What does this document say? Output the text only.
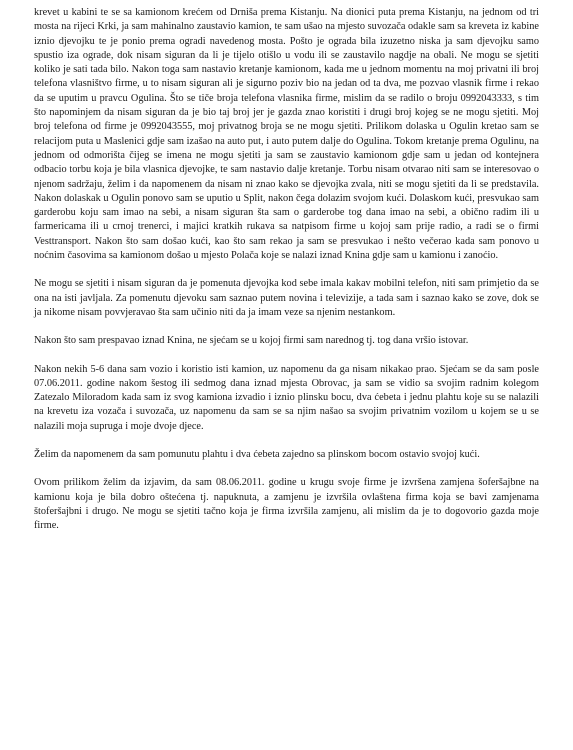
krevet u kabini te se sa kamionom krećem od Drniša prema Kistanju. Na dionici puta prema Kistanju, na jednom od tri mosta na rijeci Krki, ja sam mahinalno zaustavio kamion, te sam ušao na mjesto suvozača odakle sam sa kreveta iz kabine iznio djevojku te je ponio prema ogradi navedenog mosta. Pošto je ograda bila izuzetno niska ja sam djevojku samo spustio iza ograde, dok nisam siguran da li je tijelo otišlo u vodu ili se zaustavilo nagdje na obali. Ne mogu se sjetiti koliko je sati tada bilo. Nakon toga sam nastavio kretanje kamionom, kada me u jednom momentu na moj privatni ili broj telefona vlasništvo firme, u to nisam siguran ali je sigurno poziv bio na jedan od ta dva, me pozvao vlasnik firme i rekao da se uputim u pravcu Ogulina. Što se tiče broja telefona vlasnika firme, mislim da se radilo o broju 0992043333, s tim što napominjem da nisam siguran da je bio taj broj jer je gazda znao koristiti i drugi broj kojeg se ne mogu sjetiti. Moj broj telefona od firme je 0992043555, moj privatnog broja se ne mogu sjetiti. Prilikom dolaska u Ogulin kretao sam se relacijom puta u Maslenici gdje sam izašao na auto put, i auto putem dalje do Ogulina. Tokom kretanje prema Ogulinu, na jednom od odmorišta čijeg se imena ne mogu sjetiti ja sam se zaustavio kamionom gdje sam u jedan od kontejnera odbacio torbu koja je bila vlasnica djevojke, te sam nastavio dalje kretanje. Torbu nisam otvarao niti sam se interesovao o njenom sadržaju, želim i da napomenem da nisam ni znao kako se djevojka zvala, niti se mogu sjetiti da li se predstavila. Nakon dolaskak u Ogulin ponovo sam se uputio u Split, nakon čega dolazim svojom kući. Dolaskom kući, presvukao sam garderobu koju sam imao na sebi, a nisam siguran šta sam o garderobe tog dana imao na sebi, a obično radim ili u farmericama ili u crnoj trenerci, i majici kratkih rukava sa natpisom firme u kojoj sam prije radio, a radi se o firmi Vesttransport. Nakon što sam došao kući, kao što sam rekao ja sam se presvukao i nešto večerao kada sam ponovo u noćnim časovima sa kamionom došao u mjesto Polača koje se nalazi iznad Knina gdje sam u kamionu i zanoćio.

Ne mogu se sjetiti i nisam siguran da je pomenuta djevojka kod sebe imala kakav mobilni telefon, niti sam primjetio da se ona na isti javljala. Za pomenutu djevoku sam saznao putem novina i televizije, a tada sam i saznao kako se zove, dok se ja nikome nisam povvjeravao šta sam učinio niti da ja imam veze sa njenim nestankom.

Nakon što sam prespavao iznad Knina, ne sjećam se u kojoj firmi sam narednog tj. tog dana vršio istovar.

Nakon nekih 5-6 dana sam vozio i koristio isti kamion, uz napomenu da ga nisam nikakao prao. Sjećam se da sam posle 07.06.2011. godine nakom šestog ili sedmog dana iznad mjesta Obrovac, ja sam se vidio sa svojim radnim kolegom Zatezalo Miloradom kada sam iz svog kamiona izvadio i iznio plinsku bocu, dva ćebeta i jednu plahtu koje su se nalazili na krevetu iza vozača i suvozača, uz napomenu da sam se sa njim našao sa svojim privatnim vozilom u kojem se u se nalazili moja supruga i moje dvoje djece.

Želim da napomenem da sam pomunutu plahtu i dva ćebeta zajedno sa plinskom bocom ostavio svojoj kući.

Ovom prilikom želim da izjavim, da sam 08.06.2011. godine u krugu svoje firme je izvršena zamjena šoferšajbne na kamionu koja je bila dobro oštećena tj. napuknuta, a zamjenu je izvršila ovlaštena firma koja se bavi zamjenama štoferšajbni i drugo. Ne mogu se sjetiti tačno koja je firma izvršila zamjenu, ali mislim da je to dogovorio gazda moje firme.
